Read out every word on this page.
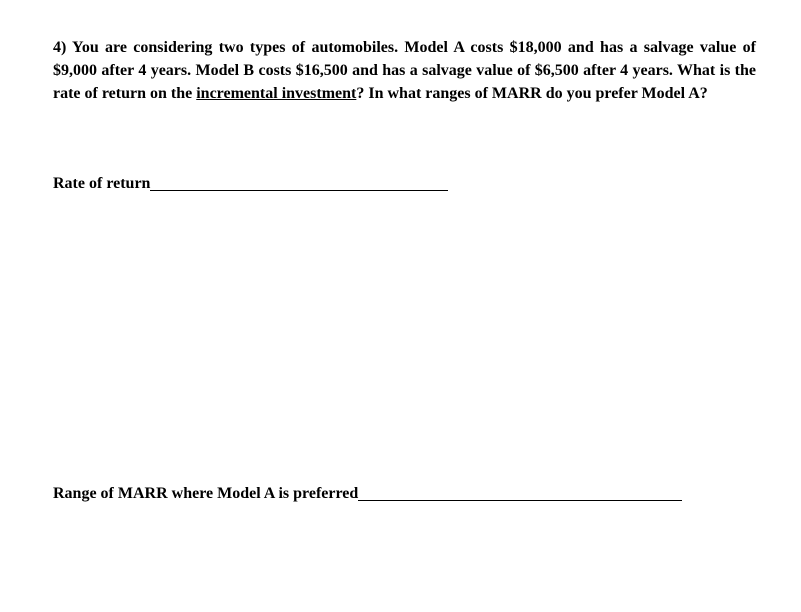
4) You are considering two types of automobiles. Model A costs $18,000 and has a salvage value of $9,000 after 4 years. Model B costs $16,500 and has a salvage value of $6,500 after 4 years. What is the rate of return on the incremental investment? In what ranges of MARR do you prefer Model A?

Rate of return
Range of MARR where Model A is preferred
